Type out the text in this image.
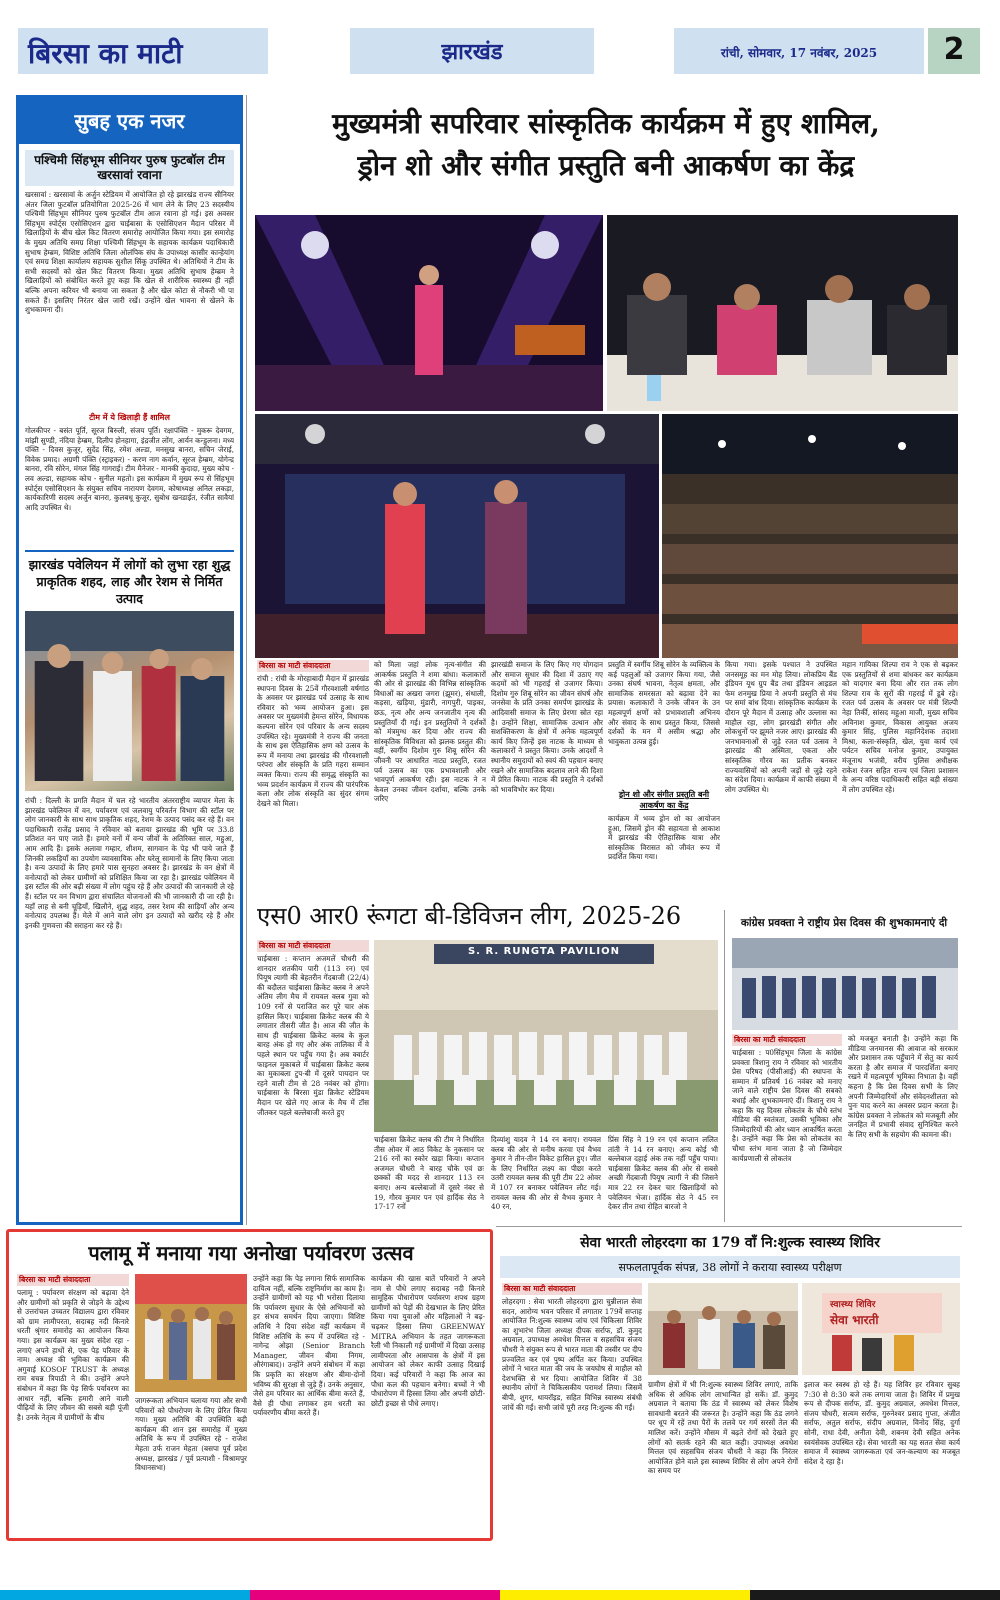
बिरसा का माटी	झारखंड	$_{रांची, सोमवार, 17 नवंबर, 2025}$	2
सुबह एक नजर
पश्चिमी सिंहभूम सीनियर पुरुष फुटबॉल टीम खरसावां रवाना
खरसावां : खरसावां के अर्जुन स्टेडियम में आयोजित हो रहे झारखंड राज्य सीनियर अंतर जिला फुटबॉल प्रतियोगिता 2025-26 में भाग लेने के लिए 23 सदस्यीय पश्चिमी सिंहभूम सीनियर पुरुष फुटबॉल टीम आज रवाना हो गई। इस अवसर सिंहभूम स्पोर्ट्स एसोसिएशन द्वारा चाईबासा के एसोसिएशन मैदान परिसर में खिलाड़ियों के बीच खेल किट वितरण समारोह आयोजित किया गया। इस समारोह के मुख्य अतिथि समग्र शिक्षा पश्चिमी सिंहभूम के सहायक कार्यक्रम पदाधिकारी सुभाष हेम्ब्रम, विशिष्ट अतिथि जिला ओलंपिक संघ के उपाध्यक्ष कासीर कान्हेयांग एवं समग्र शिक्षा कार्यालय सहायक सुशील सिंकू उपस्थित थे। अतिथियों ने टीम के सभी सदस्यों को खेल किट वितरण किया। मुख्य अतिथि सुभाष हेम्ब्रम ने खिलाड़ियों को संबोधित करते हुए कहा कि खेल से शारीरिक स्वास्थ्य ही नहीं बल्कि अपना करियर भी बनाया जा सकता है और खेल कोटा से नौकरी भी पा सकते हैं। इसलिए निरंतर खेल जारी रखें। उन्होंने खेल भावना से खेलने के शुभकामना दी।
टीम में ये खिलाड़ी हैं शामिल
गोलकीपर - बसंत पूर्ति, सूरज बिरुली, संजय पूर्ति। रक्षापंक्ति - मुकरू देवगम, मांझी सुण्डी, नंदिया हेम्ब्रम, दिलीप होनहागा, इंद्रजीत लोंग, आर्यन कन्डुलना। मध्य पंक्ति - दिवस कुजूर, सुदेंद्र सिंह, रमेश अल्डा, मनसुख बानरा, सचिन जेराई, विवेक प्रमाद। अग्रणी पंक्ति (स्ट्राइकर) - करण नाग कर्वान, सूरज हेम्ब्रम, योगेन्द्र बानरा, रवि सोरेन, मंगल सिंह गागराई। टीम मैनेजर - मानकी कुदादा, मुख्य कोच - लव अल्डा, सहायक कोच - सुनील महतो। इस कार्यक्रम में मुख्य रूप से सिंहभूम स्पोर्ट्स एसोसिएशन के संयुक्त सचिव नारायण देवगम, कोषाध्यक्ष अनिल लकड़ा, कार्यकारिणी सदस्य अर्जुन बानरा, कुलबधू कुजूर, सुबोध खनडाईत, रंजीत सावैयां आदि उपस्थित थे।
झारखंड पवेलियन में लोगों को लुभा रहा शुद्ध प्राकृतिक शहद, लाह और रेशम से निर्मित उत्पाद
रांची : दिल्ली के प्रगति मैदान में चल रहे भारतीय अंतरराष्ट्रीय व्यापार मेला के झारखंड पवेलियन में वन, पर्यावरण एवं जलवायु परिवर्तन विभाग की स्टॉल पर लोग जानकारी के साथ साथ प्राकृतिक शहद, रेशम के उत्पाद पसंद कर रहे हैं। वन पदाधिकारी राजेंद्र प्रसाद ने रविवार को बताया झारखंड की भूमि पर 33.8 प्रतिशत वन पाए जाते हैं। हमारे वनों में वन्य जीवों के अतिरिक्त साल, महुआ, आम आदि हैं। इसके अलावा गम्हार, शीशम, सागवान के पेड़ भी पाये जाते हैं जिनकी लकड़ियाँ का उपयोग व्यावसायिक और घरेलू सामानों के लिए किया जाता है। वन्य उत्पादों के लिए हमारे पास सुनहरा अवसर है। झारखंड के वन क्षेत्रों में वनोत्पादों को लेकर ग्रामीणों को प्रशिक्षित किया जा रहा है। झारखंड पवेलियन में इस स्टॉल की ओर बढ़ी संख्या में लोग पहुंच रहे हैं और उत्पादों की जानकारी ले रहे हैं। स्टॉल पर वन विभाग द्वारा संचालित योजनाओं की भी जानकारी दी जा रही है। यहाँ लाह से बनी चूड़ियाँ, खिलौने, शुद्ध शहद, तसर रेशम की साड़ियाँ और अन्य वनोत्पाद उपलब्ध हैं। मेले में आने वाले लोग इन उत्पादों को खरीद रहे हैं और इनकी गुणवत्ता की सराहना कर रहे हैं।
मुख्यमंत्री सपरिवार सांस्कृतिक कार्यक्रम में हुए शामिल,
ड्रोन शो और संगीत प्रस्तुति बनी आकर्षण का केंद्र
बिरसा का माटी संवाददाता
रांची : रांची के मोरहाबादी मैदान में झारखंड स्थापना दिवस के 25वें गौरवशाली वर्षगांठ के अवसर पर झारखंड पर्व उत्साह के साथ रविवार को भव्य आयोजन हुआ। इस अवसर पर मुख्यमंत्री हेमन्त सोरेन, विधायक कल्पना सोरेन एवं परिवार के अन्य सदस्य उपस्थित रहे। मुख्यमंत्री ने राज्य की जनता के साथ इस ऐतिहासिक क्षण को उत्सव के रूप में मनाया तथा झारखंड की गौरवशाली परंपरा और संस्कृति के प्रति गहरा सम्मान व्यक्त किया। राज्य की समृद्ध संस्कृति का भव्य प्रदर्शन कार्यक्रम में राज्य की पारंपरिक कला और लोक संस्कृति का सुंदर संगम देखने को मिला।
को मिला जहां लोक नृत्य-संगीत की आकर्षक प्रस्तुति ने शमा बांधा। कलाकारों की ओर से झारखंड की विभिन्न सांस्कृतिक विधाओं का अखरा जगरा (झूमर), संथाली, कड़सा, खड़िया, मुंडारी, नागपुरी, पाइका, छऊ, नृत्य और अन्य जनजातीय नृत्य की प्रस्तुतियाँ दी गई। इन प्रस्तुतियों ने दर्शकों को मंत्रमुग्ध कर दिया और राज्य की सांस्कृतिक विविधता को झलक प्रस्तुत की। वहीं, स्वर्गीय दिशोम गुरु शिबू सोरेन की जीवनी पर आधारित नाट्य प्रस्तुति, रजत पर्व उत्सव का एक प्रभावशाली और भावपूर्ण आकर्षण रही। इस नाटक ने न केवल उनका जीवन दर्शाया, बल्कि उनके जरिए
झारखंडी समाज के लिए किए गए योगदान और समाज सुधार की दिशा में उठाए गए कदमों को भी गहराई से उजागर किया। दिशोम गुरु शिबू सोरेन का जीवन संघर्ष और जनसेवा के प्रति उनका समर्पण झारखंड के आदिवासी समाज के लिए प्रेरणा स्रोत रहा है। उन्होंने शिक्षा, सामाजिक उत्थान और सशक्तिकरण के क्षेत्रों में अनेक महत्वपूर्ण कार्य किए जिन्हें इस नाटक के माध्यम से कलाकारों ने प्रस्तुत किया। उनके आदर्शों ने स्थानीय समुदायों को स्वयं की पहचान बनाए रखने और सामाजिक बदलाव लाने की दिशा में प्रेरित किया। नाटक की प्रस्तुति ने दर्शकों को भावविभोर कर दिया।
प्रस्तुति में स्वर्गीय शिबू सोरेन के व्यक्तित्व के कई पहलुओं को उजागर किया गया, जैसे उनका संघर्ष भावना, नेतृत्व क्षमता, और सामाजिक समरसता को बढ़ावा देने का प्रयास। कलाकारों ने उनके जीवन के उन महत्वपूर्ण क्षणों को प्रभावशाली अभिनय और संवाद के साथ प्रस्तुत किया, जिससे दर्शकों के मन में असीम श्रद्धा और भावुकता उत्पन्न हुई।
ड्रोन शो और संगीत प्रस्तुति बनी आकर्षण का केंद्र
कार्यक्रम में भव्य ड्रोन शो का आयोजन हुआ, जिसमें ड्रोन की सहायता से आकाश में झारखंड की ऐतिहासिक यात्रा और सांस्कृतिक विरासत को जीवंत रूप में प्रदर्शित किया गया।
किया गया। इसके पश्चात ने उपस्थित जनसमूह का मन मोह लिया। लोकप्रिय बैंड इंडियन यूथ ग्रुप बैंड तथा इंडियन आइडल फेम शनमुख प्रिया ने अपनी प्रस्तुति से मंच पर समां बांध दिया। सांस्कृतिक कार्यक्रम के दौरान पूरे मैदान में उत्साह और उल्लास का माहौल रहा, लोग झारखंडी संगीत और लोकधुनों पर झूमते नजर आए। झारखंड की जनभावनाओं से जुड़े रजत पर्व उत्सव ने झारखंड की अस्मिता, एकता और सांस्कृतिक गौरव का प्रतीक बनकर राज्यवासियों को अपनी जड़ों से जुड़े रहने का संदेश दिया। कार्यक्रम में काफी संख्या में लोग उपस्थित थे।
महान गायिका शिल्पा राव ने एक से बढ़कर एक प्रस्तुतियों से शमा बांधकर कर कार्यक्रम को यादगार बना दिया और रात तक लोग शिल्पा राव के सुरों की गहराई में डूबे रहे। रजत पर्व उत्सव के अवसर पर मंत्री शिल्पी नेहा तिर्की, सांसद महुआ माजी, मुख्य सचिव अविनाश कुमार, विकास आयुक्त अजय कुमार सिंह, पुलिस महानिदेशक तदाशा मिश्रा, कला-संस्कृति, खेल, युवा कार्य एवं पर्यटन सचिव मनोज कुमार, उपायुक्त मंजूनाथ भजंत्री, वरीय पुलिस अधीक्षक राकेश रंजन सहित राज्य एवं जिला प्रशासन के अन्य वरिष्ठ पदाधिकारी सहित बड़ी संख्या में लोग उपस्थित रहे।
एस0 आर0 रूंगटा बी-डिविजन लीग, 2025-26
बिरसा का माटी संवाददाता
चाईबासा : कप्तान अजमलें चौधरी की शानदार शतकीय पारी (113 रन) एवं पियूष त्यागी की बेहतरीन गेंदबाजी (22/4) की बदौलत चाईबासा क्रिकेट क्लब ने अपने अंतिम लीग मैच में रायवल क्लब गुवा को 109 रनों से पराजित कर पूरे चार अंक हासिल किए। चाईबासा क्रिकेट क्लब की ये लगातार तीसरी जीत है। आज की जीत के साथ ही चाईबासा क्रिकेट क्लब के कुल बारह अंक हो गए और अंक तालिका में वे पहले स्थान पर पहुँच गया है। अब क्वार्टर फाइनल मुकाबले में चाईबासा क्रिकेट क्लब का मुकाबला टुप-बी में दूसरे पायदान पर रहने वाली टीम से 28 नवंबर को होगा। चाईबासा के बिरसा मुंडा क्रिकेट स्टेडियम मैदान पर खेले गए आज के मैच में टॉस जीतकर पहले बल्लेबाजी करते हुए
S. R. RUNGTA PAVILION
चाईबासा क्रिकेट क्लब की टीम ने निर्धारित तीस ओवर में आठ विकेट के नुकसान पर 216 रनों का स्कोर खड़ा किया। कप्तान अजमल चौधरी ने बारह चौके एवं छः छक्कों की मदद से शानदार 113 रन बनाए। अन्य बल्लेबाजों में दूसरे नंबर से 19, गौरव कुमार पन एवं हार्दिक सेठ ने 17-17 रनों
दिव्यांशु यादव ने 14 रन बनाए। रायवल क्लब की ओर से मनीष करवा एवं वैभव कुमार ने तीन-तीन विकेट हासिल हुए। जीत के लिए निर्धारित लक्ष्य का पीछा करते उतरी रायवल क्लब की पूरी टीम 22 ओवर में 107 रन बनाकर पवेलियन लौट गई। रायवल क्लब की ओर से वैभव कुमार ने 40 रन,
प्रिंस सिंह ने 19 रन एवं कप्तान ललित तांती ने 14 रन बनाए। अन्य कोई भी बल्लेबाज दहाई अंक तक नहीं पहुँच पाया। चाईबासा क्रिकेट क्लब की ओर से सबसे अच्छी गेंदबाजी पियूष त्यागी ने की जिसने मात्र 22 रन देकर चार खिलाड़ियों को पवेलियन भेजा। हार्दिक सेठ ने 45 रन देकर तीन तथा रोहित बारजो ने
कांग्रेस प्रवक्ता ने राष्ट्रीय प्रेस दिवस की शुभकामनाएं दी
बिरसा का माटी संवाददाता
चाईबासा : प0सिंहभूम जिला के कांग्रेस प्रवक्ता त्रिशानु राय ने रविवार को भारतीय प्रेस परिषद (पीसीआई) की स्थापना के सम्मान में प्रतिवर्ष 16 नवंबर को मनाए जाने वाले राष्ट्रीय प्रेस दिवस की सबको बधाई और शुभकामनाएं दीं। त्रिशानु राय ने कहा कि यह दिवस लोकतंत्र के चौथे स्तंभ मीडिया की स्वतंत्रता, उसकी भूमिका और जिम्मेदारियों की ओर ध्यान आकर्षित करता है। उन्होंने कहा कि प्रेस को लोकतंत्र का चौथा स्तंभ माना जाता है जो जिम्मेदार कार्यप्रणाली से लोकतंत्र
को मजबूत बनाती है। उन्होंने कहा कि मीडिया जनमानस की आवाज को सरकार और प्रशासन तक पहुँचाने में सेतु का कार्य करता है और समाज में पारदर्शिता बनाए रखने में महत्वपूर्ण भूमिका निभाता है। वहीं कहना है कि प्रेस दिवस सभी के लिए अपनी जिम्मेदारियों और संवेदनशीलता को पुनः याद करने का अवसर प्रदान करता है। कांग्रेस प्रवक्ता ने लोकतंत्र को मजबूती और जनहित में प्रभावी संवाद सुनिश्चित करने के लिए सभी के सहयोग की कामना की।
पलामू में मनाया गया अनोखा पर्यावरण उत्सव
बिरसा का माटी संवाददाता
पलामू : पर्यावरण संरक्षण को बढ़ावा देने और ग्रामीणों को प्रकृति से जोड़ने के उद्देश्य से उत्तरांचल उच्चतर विद्यालय द्वारा रविवार को ग्राम लामीपरता, सदाबह नदी किनारे धरती श्रृंगार समारोह का आयोजन किया गया। इस कार्यक्रम का मुख्य संदेश रहा - लगाएं अपने हाथों से, एक पेड़ परिवार के नाम। अध्यक्ष की भूमिका कार्यक्रम की अगुवाई KOSOF TRUST के अध्यक्ष राम बचन्न त्रिपाठी ने की। उन्होंने अपने संबोधन में कहा कि पेड़ सिर्फ पर्यावरण का आधार नहीं, बल्कि हमारी आने वाली पीढ़ियों के लिए जीवन की सबसे बड़ी पूंजी है। उनके नेतृत्व में ग्रामीणों के बीच
जागरूकता अभियान चलाया गया और सभी परिवारों को पौधरोपण के लिए प्रेरित किया गया। मुख्य अतिथि की उपस्थिति बढ़ी कार्यक्रम की शान इस समारोह में मुख्य अतिथि के रूप में उपस्थित रहे - राजेश मेहता उर्फ राजन मेहता (बसपा पूर्व प्रदेश अध्यक्ष, झारखंड / पूर्व प्रत्याशी - विश्रामपुर विधानसभा)
उन्होंने कहा कि पेड़ लगाना सिर्फ सामाजिक दायित्व नहीं, बल्कि राष्ट्रनिर्माण का काम है। उन्होंने ग्रामीणों को यह भी भरोसा दिलाया कि पर्यावरण सुधार के ऐसे अभियानों को हर संभव समर्थन दिया जाएगा। विशिष्ट अतिथि ने दिया संदेश वहीं कार्यक्रम में विशिष्ट अतिथि के रूप में उपस्थित रहे - नागेन्द्र ओझा (Senior Branch Manager, जीवन बीमा निगम, औरंगाबाद)। उन्होंने अपने संबोधन में कहा कि प्रकृति का संरक्षण और बीमा-दोनों भविष्य की सुरक्षा से जुड़े हैं। उनके अनुसार, जैसे हम परिवार का आर्थिक बीमा करते हैं, वैसे ही पौधा लगाकर हम धरती का पर्यावरणीय बीमा करते हैं।
कार्यक्रम की खास बातें परिवारों ने अपने नाम से पौधे लगाए सदाबह नदी किनारे सामूहिक पौधारोपण पर्यावरण शपथ ग्रहण ग्रामीणों को पेड़ों की देखभाल के लिए प्रेरित किया गया युवाओं और महिलाओं ने बढ़-चढ़कर हिस्सा लिया GREENWAY MITRA अभियान के तहत जागरूकता रैली भी निकाली गई ग्रामीणों में दिखा उत्साह लामीपरता और आसपास के क्षेत्रों में इस आयोजन को लेकर काफी उत्साह दिखाई दिया। कई परिवारों ने कहा कि आज का पौधा कल की पहचान बनेगा। बच्चों ने भी पौधारोपण में हिस्सा लिया और अपनी छोटी-छोटी इच्छा से पौधे लगाए।
सेवा भारती लोहरदगा का 179 वाँ नि:शुल्क स्वास्थ्य शिविर
सफलतापूर्वक संपन्न, 38 लोगों ने कराया स्वास्थ्य परीक्षण
बिरसा का माटी संवाददाता
लोहरदगा : सेवा भारती लोहरदगा द्वारा चुन्नीलाल सेवा सदन, आरोग्य भवन परिसर में लगातार 179वें सप्ताह आयोजित नि:शुल्क स्वास्थ्य जांच एवं चिकित्सा शिविर का शुभारंभ जिला अध्यक्ष दीपक सर्राफ, डॉ. कुमुद अग्रवाल, उपाध्यक्ष अवधेश मित्तल व सहसचिव संजय चौधरी ने संयुक्त रूप से भारत माता की तस्वीर पर दीप प्रज्वलित कर एवं पुष्प अर्पित कर किया। उपस्थित लोगों ने भारत माता की जय के जयघोष से माहौल को देशभक्ति से भर दिया। आयोजित शिविर में 38 स्थानीय लोगों ने चिकित्सकीय परामर्श लिया। जिसमें बीपी, शुगर, थायरॉइड, सहित विभिन्न स्वास्थ्य संबंधी जांचें की गईं। सभी जांचें पूरी तरह नि:शुल्क की गईं।
स्वास्थ्य शिविर
सेवा भारती
ग्रामीण क्षेत्रों में भी नि:शुल्क स्वास्थ्य शिविर लगाएं, ताकि अधिक से अधिक लोग लाभान्वित हो सकें। डॉ. कुमुद अग्रवाल ने बताया कि ठंड में स्वास्थ्य को लेकर विशेष सावधानी बरतने की जरूरत है। उन्होंने कहा कि ठंड लगने पर धूप में रहें तथा पैरों के तलवे पर गर्म सरसों तेल की मालिश करें। उन्होंने मौसम में बढ़ते रोगों को देखते हुए लोगों को सतर्क रहने की बात कही। उपाध्यक्ष अवधेश मित्तल एवं सहसचिव संजय चौधरी ने कहा कि निरंतर आयोजित होने वाले इस स्वास्थ्य शिविर से लोग अपने रोगों का समय पर
इलाज कर स्वस्थ हो रहे हैं। यह शिविर हर रविवार सुबह 7:30 से 8:30 बजे तक लगाया जाता है। शिविर में प्रमुख रूप से दीपक सर्राफ, डॉ. कुमुद अग्रवाल, अवधेश मित्तल, संजय चौधरी, सत्यम सर्राफ, गुरुनेश्वर प्रसाद गुप्ता, अंजीत सर्राफ, अतुल सर्राफ, संदीप अग्रवाल, विनोद सिंह, दुर्गा सोनी, राधा देवी, अनीता देवी, शबनम देवी सहित अनेक स्वयंसेवक उपस्थित रहे। सेवा भारती का यह सतत सेवा कार्य समाज में स्वास्थ्य जागरूकता एवं जन-कल्याण का मजबूत संदेश दे रहा है।
